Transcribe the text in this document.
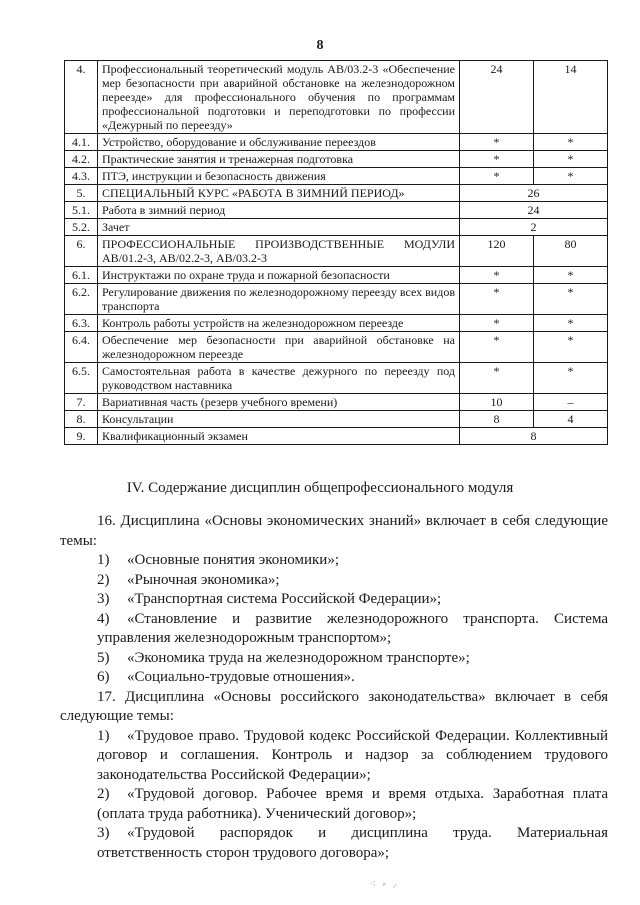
8
4.	Профессиональный теоретический модуль АВ/03.2-3 «Обеспечение мер безопасности при аварийной обстановке на железнодорожном переезде» для профессионального обучения по программам профессиональной подготовки и переподготовки по профессии «Дежурный по переезду»	24	14
4.1.	Устройство, оборудование и обслуживание переездов	*	*
4.2.	Практические занятия и тренажерная подготовка	*	*
4.3.	ПТЭ, инструкции и безопасность движения	*	*
5.	СПЕЦИАЛЬНЫЙ КУРС «РАБОТА В ЗИМНИЙ ПЕРИОД»	26	
5.1.	Работа в зимний период	24	
5.2.	Зачет	2	
6.	ПРОФЕССИОНАЛЬНЫЕ ПРОИЗВОДСТВЕННЫЕ МОДУЛИ АВ/01.2-3, АВ/02.2-3, АВ/03.2-3	120	80
6.1.	Инструктажи по охране труда и пожарной безопасности	*	*
6.2.	Регулирование движения по железнодорожному переезду всех видов транспорта	*	*
6.3.	Контроль работы устройств на железнодорожном переезде	*	*
6.4.	Обеспечение мер безопасности при аварийной обстановке на железнодорожном переезде	*	*
6.5.	Самостоятельная работа в качестве дежурного по переезду под руководством наставника	*	*
7.	Вариативная часть (резерв учебного времени)	10	–
8.	Консультации	8	4
9.	Квалификационный экзамен	8	
IV. Содержание дисциплин общепрофессионального модуля

16. Дисциплина «Основы экономических знаний» включает в себя следующие темы:

1) «Основные понятия экономики»;

2) «Рыночная экономика»;

3) «Транспортная система Российской Федерации»;

4) «Становление и развитие железнодорожного транспорта. Система управления железнодорожным транспортом»;

5) «Экономика труда на железнодорожном транспорте»;

6) «Социально-трудовые отношения».

17. Дисциплина «Основы российского законодательства» включает в себя следующие темы:

1) «Трудовое право. Трудовой кодекс Российской Федерации. Коллективный договор и соглашения. Контроль и надзор за соблюдением трудового законодательства Российской Федерации»;

2) «Трудовой договор. Рабочее время и время отдыха. Заработная плата (оплата труда работника). Ученический договор»;

3) «Трудовой распорядок и дисциплина труда. Материальная ответственность сторон трудового договора»;

⁖ ⸗ ⸝
